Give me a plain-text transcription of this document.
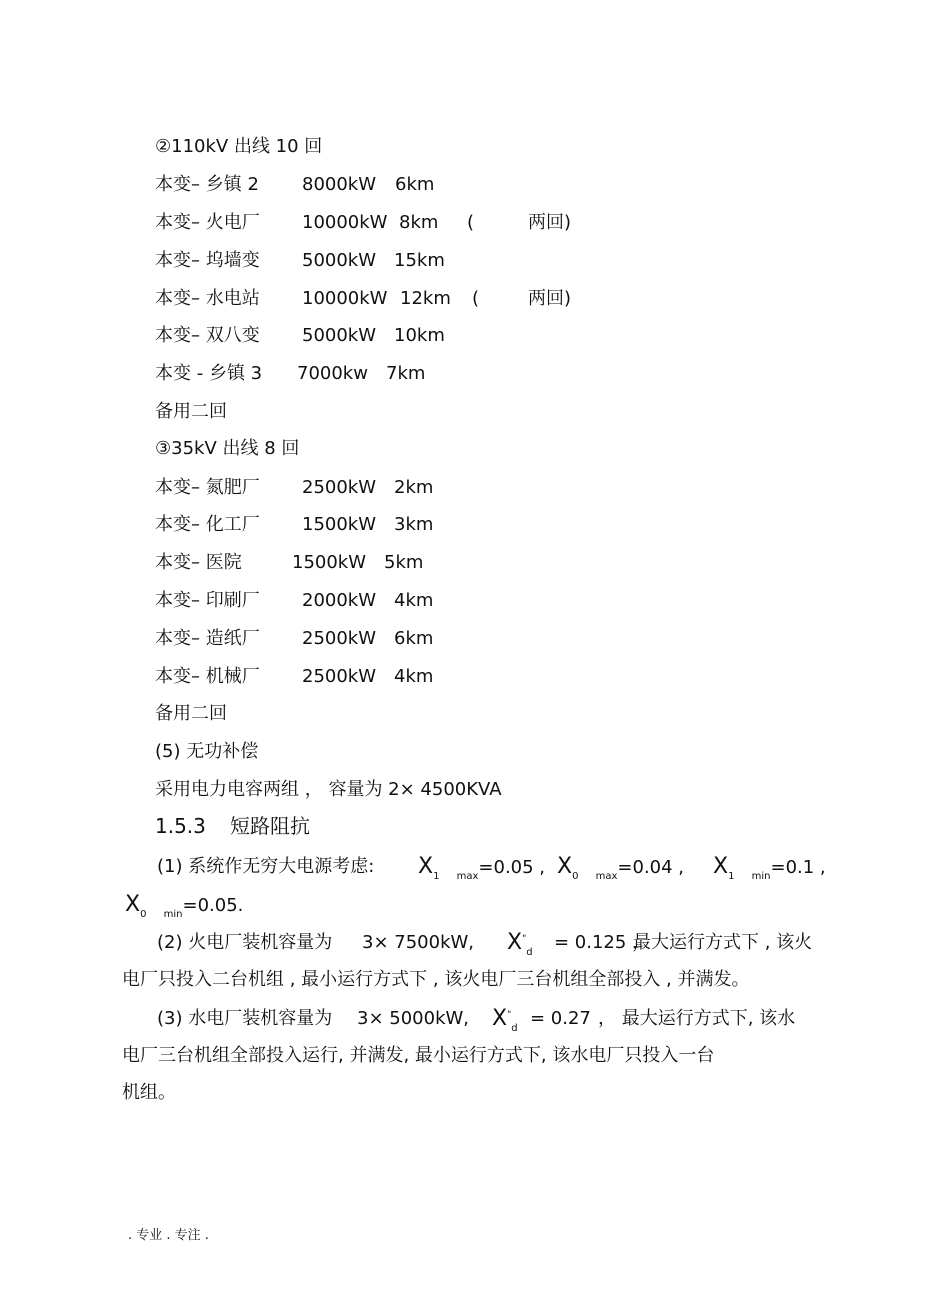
②110kV 出线 10 回
本变– 乡镇 2 8000kW 6km
本变– 火电厂 10000kW 8km (	两回)
本变– 坞墙变 5000kW 15km
本变– 水电站 10000kW 12km (	两回)
本变– 双八变 5000kW 10km
本变 - 乡镇 3 7000kw 7km
备用二回
③35kV 出线 8 回
本变– 氮肥厂 2500kW 2km
本变– 化工厂 1500kW 3km
本变– 医院	1500kW 5km
本变– 印刷厂 2000kW 4km
本变– 造纸厂 2500kW 6km
本变– 机械厂 2500kW 4km
备用二回
(5) 无功补偿
采用电力电容两组 ， 容量为 2× 4500KVA
1.5.3 短路阻抗
(1) 系统作无穷大电源考虑: $X_1$ $_{max}$=0.05 , $X_0$ $_{max}$=0.04 , $X_1$ $_{min}$=0.1 ,
$X_0$ $_{min}$=0.05.
(2) 火电厂装机容量为 3× 7500kW, $X^"_d = 0.125$ ，
最大运行方式下 , 该火
电厂只投入二台机组 , 最小运行方式下 , 该火电厂三台机组全部投入 , 并满发。
(3) 水电厂装机容量为 3× 5000kW, $X^"_d = 0.27$ ， 最大运行方式下, 该水
电厂三台机组全部投入运行, 并满发, 最小运行方式下, 该水电厂只投入一台
机组。
. 专业 . 专注 .
